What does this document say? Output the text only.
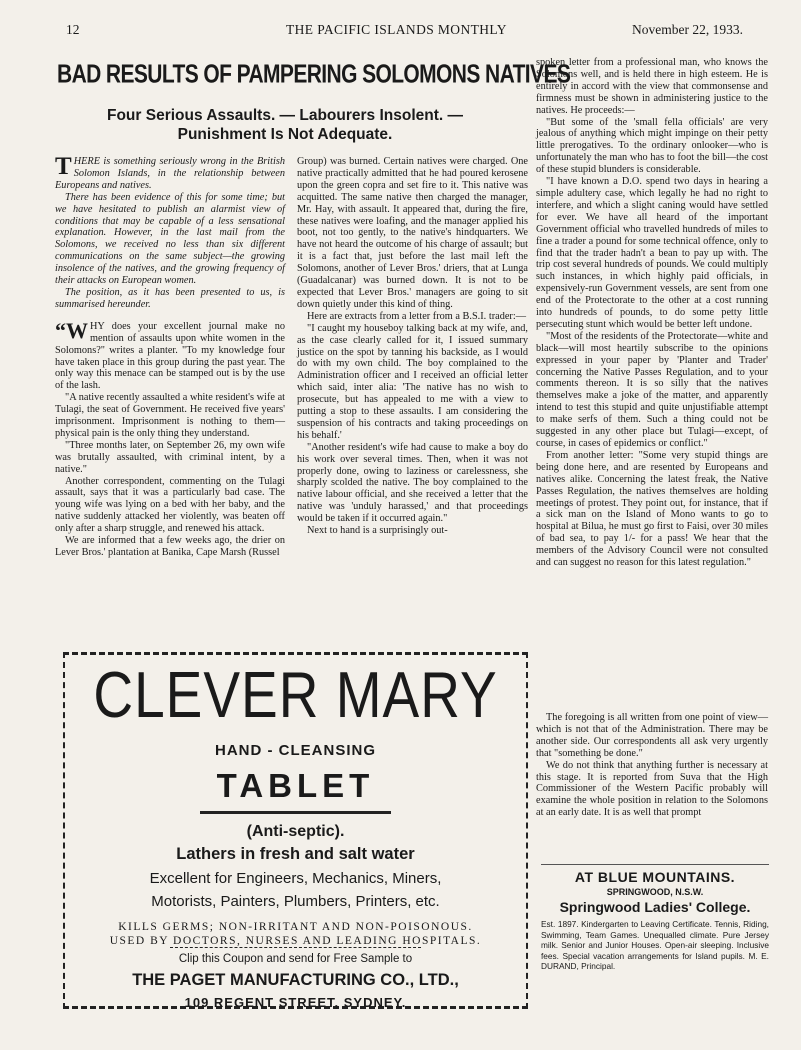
12	THE PACIFIC ISLANDS MONTHLY	November 22, 1933.
BAD RESULTS OF PAMPERING SOLOMONS NATIVES
Four Serious Assaults. — Labourers Insolent. — Punishment Is Not Adequate.

THERE is something seriously wrong in the British Solomon Islands, in the relationship between Europeans and natives.

There has been evidence of this for some time; but we have hesitated to publish an alarmist view of conditions that may be capable of a less sensational explanation. However, in the last mail from the Solomons, we received no less than six different communications on the same subject—the growing insolence of the natives, and the growing frequency of their attacks on European women.

The position, as it has been presented to us, is summarised hereunder.

“WHY does your excellent journal make no mention of assaults upon white women in the Solomons?" writes a planter. "To my knowledge four have taken place in this group during the past year. The only way this menace can be stamped out is by the use of the lash.

"A native recently assaulted a white resident's wife at Tulagi, the seat of Government. He received five years' imprisonment. Imprisonment is nothing to them—physical pain is the only thing they understand.

"Three months later, on September 26, my own wife was brutally assaulted, with criminal intent, by a native."

Another correspondent, commenting on the Tulagi assault, says that it was a particularly bad case. The young wife was lying on a bed with her baby, and the native suddenly attacked her violently, was beaten off only after a sharp struggle, and renewed his attack.

We are informed that a few weeks ago, the drier on Lever Bros.' plantation at Banika, Cape Marsh (Russel

Group) was burned. Certain natives were charged. One native practically admitted that he had poured kerosene upon the green copra and set fire to it. This native was acquitted. The same native then charged the manager, Mr. Hay, with assault. It appeared that, during the fire, these natives were loafing, and the manager applied his boot, not too gently, to the native's hindquarters. We have not heard the outcome of his charge of assault; but it is a fact that, just before the last mail left the Solomons, another of Lever Bros.' driers, that at Lunga (Guadalcanar) was burned down. It is not to be expected that Lever Bros.' managers are going to sit down quietly under this kind of thing.

Here are extracts from a letter from a B.S.I. trader:—

"I caught my houseboy talking back at my wife, and, as the case clearly called for it, I issued summary justice on the spot by tanning his backside, as I would do with my own child. The boy complained to the Administration officer and I received an official letter which said, inter alia: 'The native has no wish to prosecute, but has appealed to me with a view to putting a stop to these assaults. I am considering the suspension of his contracts and taking proceedings on his behalf.'

"Another resident's wife had cause to make a boy do his work over several times. Then, when it was not properly done, owing to laziness or carelessness, she sharply scolded the native. The boy complained to the native labour official, and she received a letter that the native was 'unduly harassed,' and that proceedings would be taken if it occurred again."

Next to hand is a surprisingly out-

spoken letter from a professional man, who knows the Solomons well, and is held there in high esteem. He is entirely in accord with the view that commonsense and firmness must be shown in administering justice to the natives. He proceeds:—

"But some of the 'small fella officials' are very jealous of anything which might impinge on their petty little prerogatives. To the ordinary onlooker—who is unfortunately the man who has to foot the bill—the cost of these stupid blunders is considerable.

"I have known a D.O. spend two days in hearing a simple adultery case, which legally he had no right to interfere, and which a slight caning would have settled for ever. We have all heard of the important Government official who travelled hundreds of miles to fine a trader a pound for some technical offence, only to find that the trader hadn't a bean to pay up with. The trip cost several hundreds of pounds. We could multiply such instances, in which highly paid officials, in expensively-run Government vessels, are sent from one end of the Protectorate to the other at a cost running into hundreds of pounds, to do some petty little persecuting stunt which would be better left undone.

"Most of the residents of the Protectorate—white and black—will most heartily subscribe to the opinions expressed in your paper by 'Planter and Trader' concerning the Native Passes Regulation, and to your comments thereon. It is so silly that the natives themselves make a joke of the matter, and apparently intend to test this stupid and quite unjustifiable attempt to make serfs of them. Such a thing could not be suggested in any other place but Tulagi—except, of course, in cases of epidemics or conflict."

From another letter: "Some very stupid things are being done here, and are resented by Europeans and natives alike. Concerning the latest freak, the Native Passes Regulation, the natives themselves are holding meetings of protest. They point out, for instance, that if a sick man on the Island of Mono wants to go to hospital at Bilua, he must go first to Faisi, over 30 miles of bad sea, to pay 1/- for a pass! We hear that the members of the Advisory Council were not consulted and can suggest no reason for this latest regulation."

The foregoing is all written from one point of view—which is not that of the Administration. There may be another side. Our correspondents all ask very urgently that "something be done."

We do not think that anything further is necessary at this stage. It is reported from Suva that the High Commissioner of the Western Pacific probably will examine the whole position in relation to the Solomons at an early date. It is as well that prompt

CLEVER MARY
HAND - CLEANSING
TABLET
(Anti-septic).
Lathers in fresh and salt water
Excellent for Engineers, Mechanics, Miners,
Motorists, Painters, Plumbers, Printers, etc.
KILLS GERMS; NON-IRRITANT AND NON-POISONOUS.
USED BY DOCTORS, NURSES AND LEADING HOSPITALS.
Clip this Coupon and send for Free Sample to
THE PAGET MANUFACTURING CO., LTD.,
109 REGENT STREET, SYDNEY.
AT BLUE MOUNTAINS.
SPRINGWOOD, N.S.W.
Springwood Ladies' College.
Est. 1897. Kindergarten to Leaving Certificate. Tennis, Riding, Swimming, Team Games. Unequalled climate. Pure Jersey milk. Senior and Junior Houses. Open-air sleeping. Inclusive fees. Special vacation arrangements for Island pupils. M. E. DURAND, Principal.
